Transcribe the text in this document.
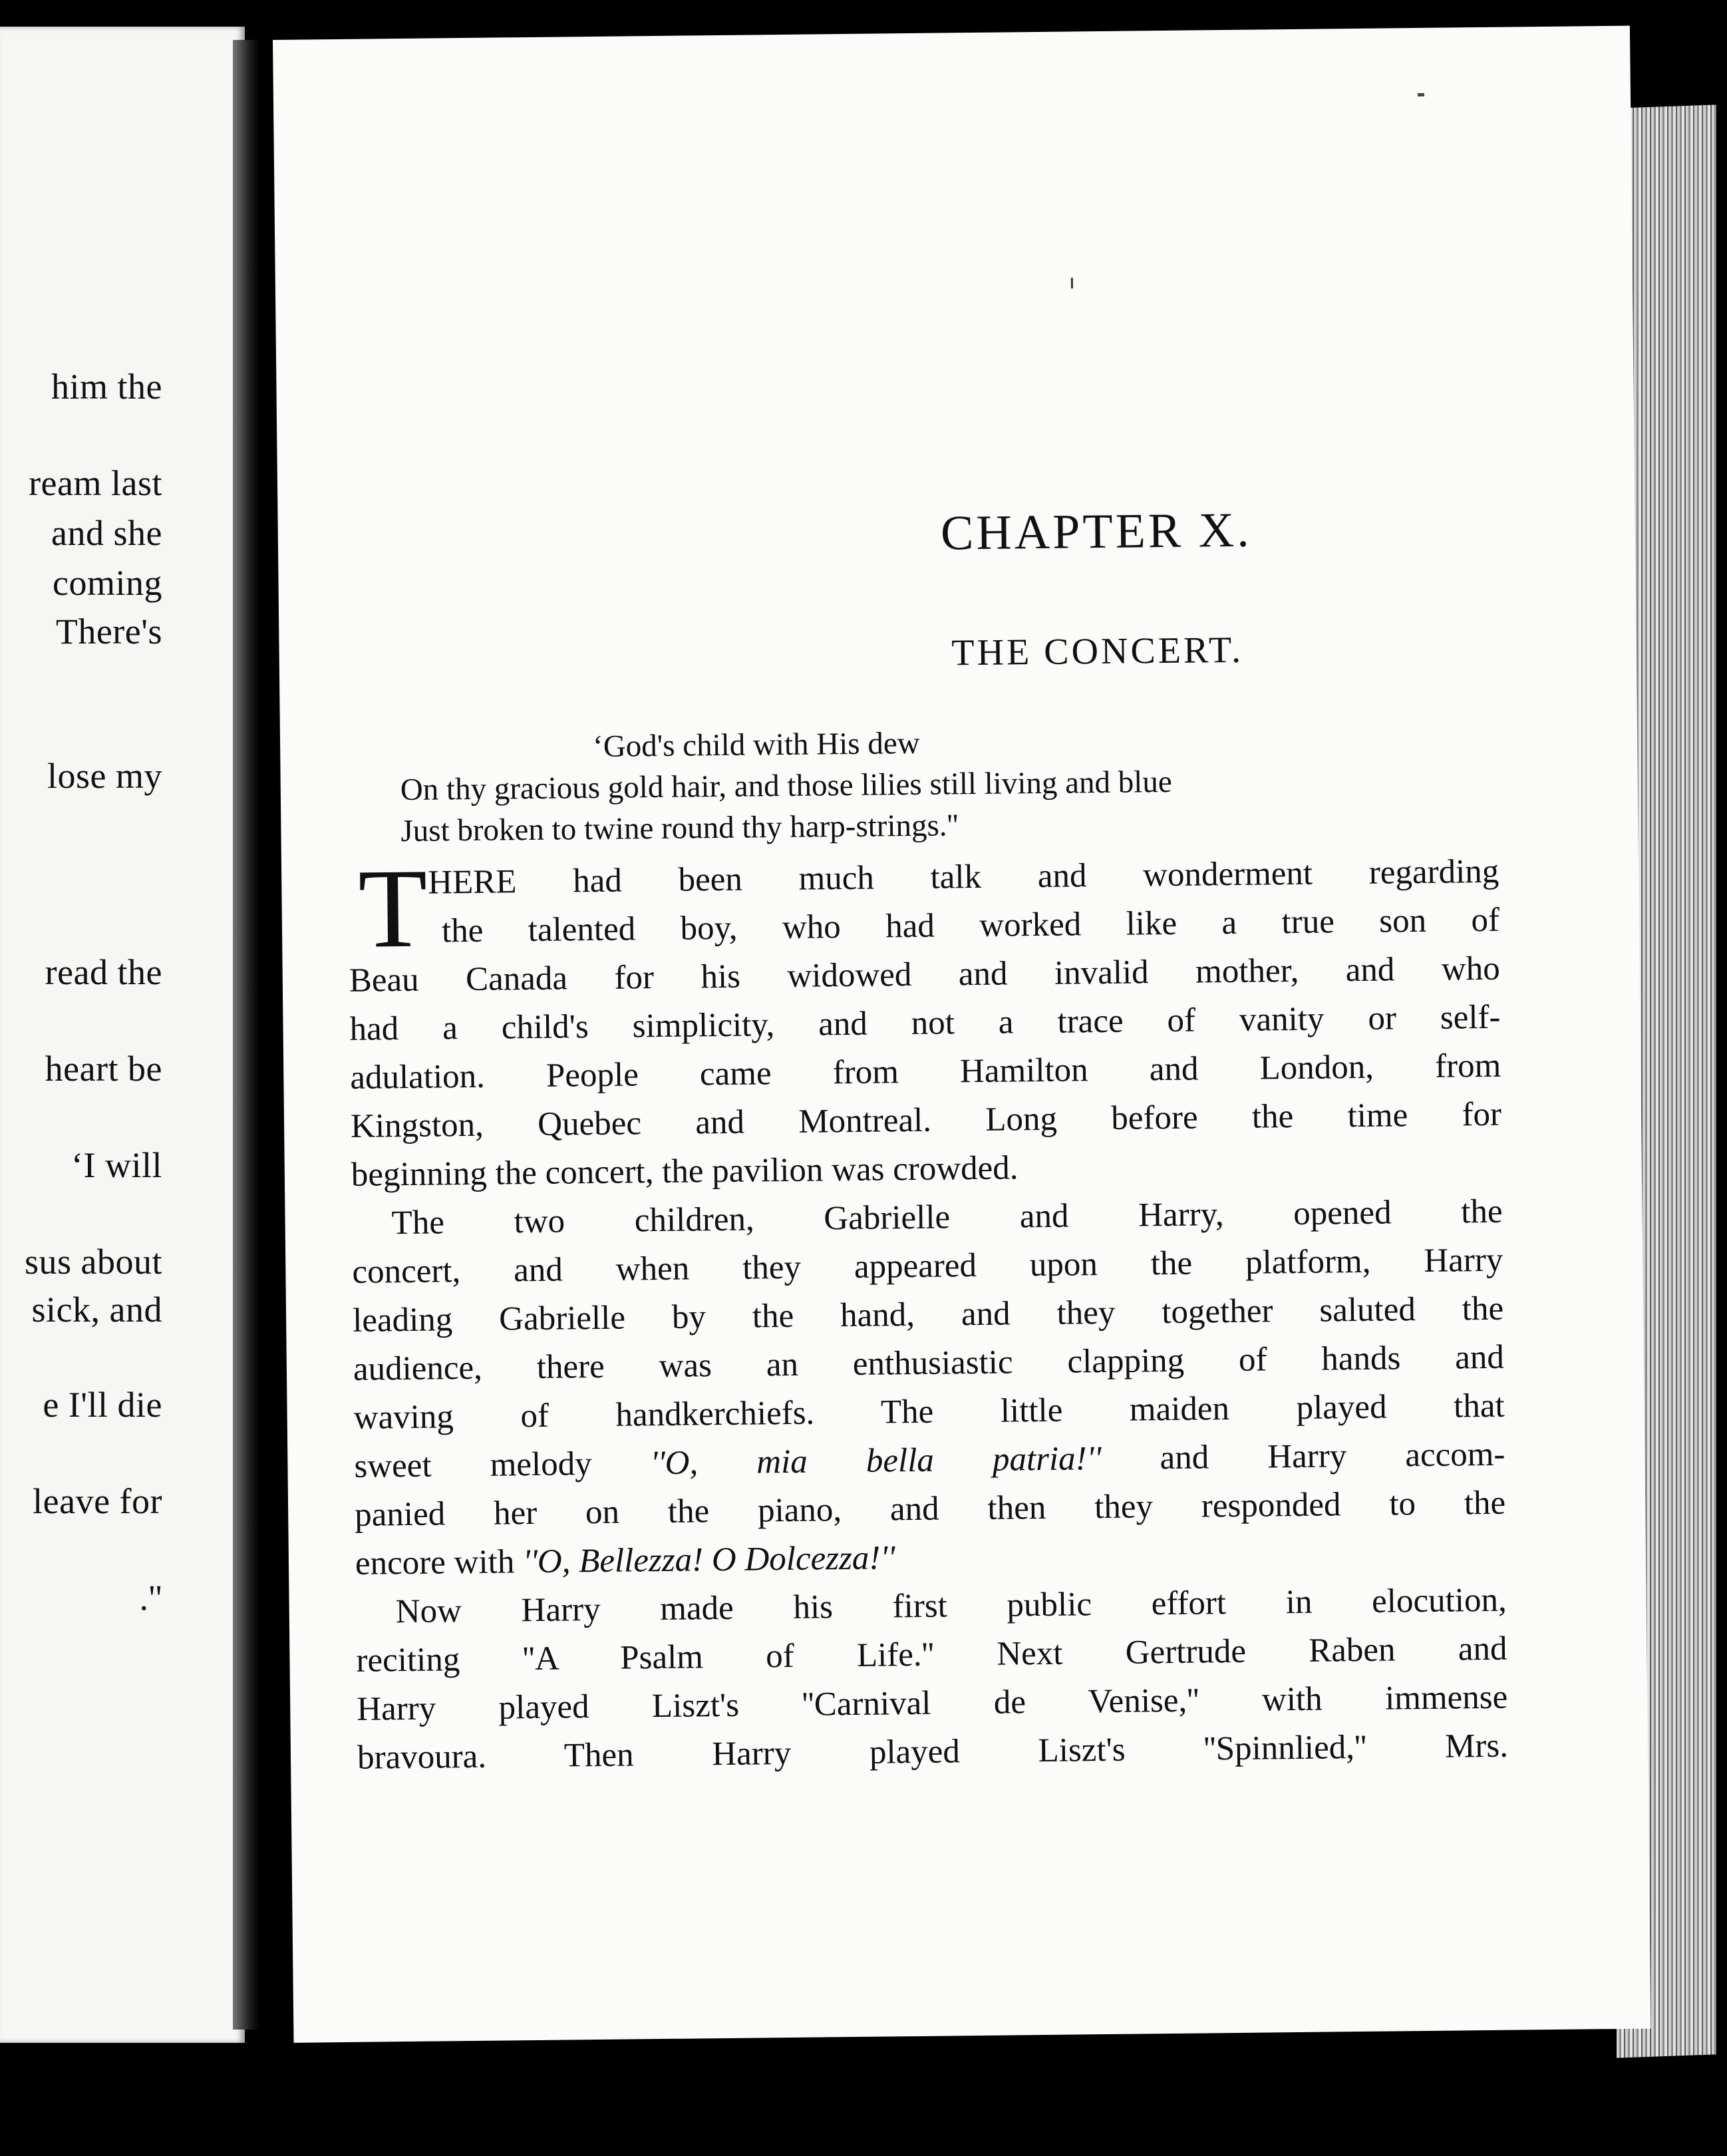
him the
ream last
and she
coming
There's
lose my
read the
heart be
‘I will
sus about
sick, and
e I'll die
leave for
.''
CHAPTER X.
THE CONCERT.
‘God's child with His dew
On thy gracious gold hair, and those lilies still living and blue
Just broken to twine round thy harp-strings.''
T HERE had been much talk and wonderment regarding
the talented boy, who had worked like a true son of
Beau Canada for his widowed and invalid mother, and who
had a child's simplicity, and not a trace of vanity or self-
adulation. People came from Hamilton and London, from
Kingston, Quebec and Montreal. Long before the time for
beginning the concert, the pavilion was crowded.
The two children, Gabrielle and Harry, opened the
concert, and when they appeared upon the platform, Harry
leading Gabrielle by the hand, and they together saluted the
audience, there was an enthusiastic clapping of hands and
waving of handkerchiefs. The little maiden played that
sweet melody ''O, mia bella patria!'' and Harry accom-
panied her on the piano, and then they responded to the
encore with ''O, Bellezza! O Dolcezza!''
Now Harry made his first public effort in elocution,
reciting ''A Psalm of Life.'' Next Gertrude Raben and
Harry played Liszt's ''Carnival de Venise,'' with immense
bravoura. Then Harry played Liszt's ''Spinnlied,'' Mrs.
